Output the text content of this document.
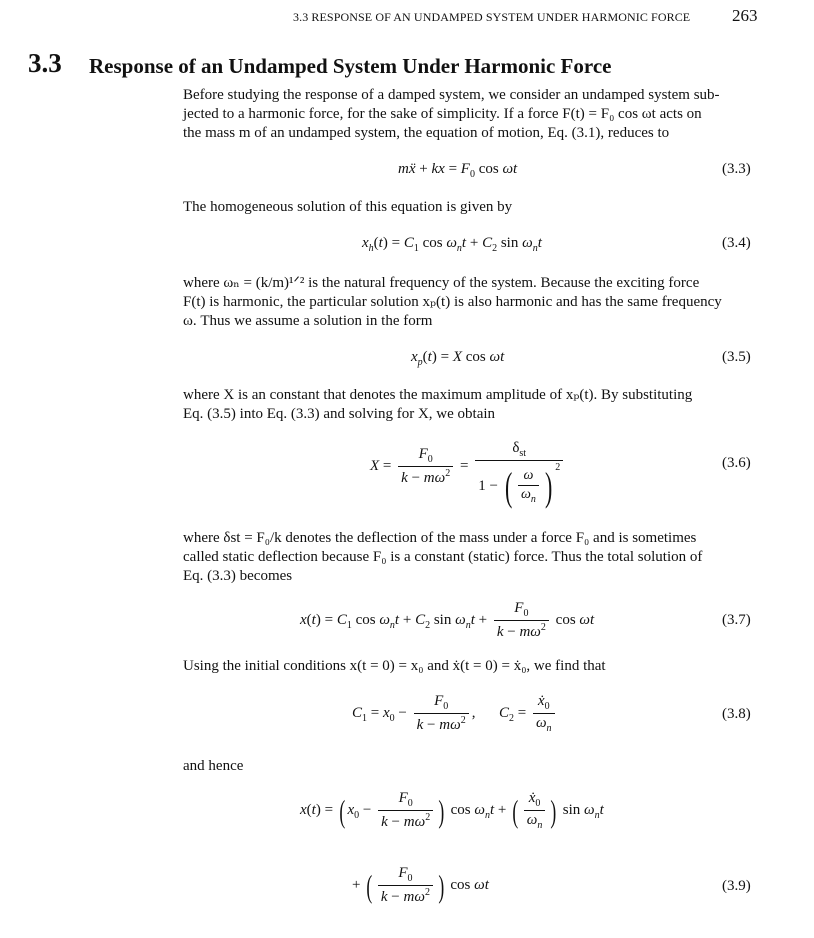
3.3 RESPONSE OF AN UNDAMPED SYSTEM UNDER HARMONIC FORCE 263
3.3 Response of an Undamped System Under Harmonic Force
Before studying the response of a damped system, we consider an undamped system sub-
jected to a harmonic force, for the sake of simplicity. If a force F(t) = F₀ cos ωt acts on
the mass m of an undamped system, the equation of motion, Eq. (3.1), reduces to
mẍ + kx = $F_0$ cos ωt	(3.3)
The homogeneous solution of this equation is given by
$x_h(t) = C_1$ $\cos \omega_nt + C_2$ $\sin \omega_nt$	(3.4)
where ωₙ = (k/m)¹ᐟ² is the natural frequency of the system. Because the exciting force
F(t) is harmonic, the particular solution xₚ(t) is also harmonic and has the same frequency
ω. Thus we assume a solution in the form
$x_p(t) = X$ cos ωt	(3.5)
where X is an constant that denotes the maximum amplitude of xₚ(t). By substituting
Eq. (3.5) into Eq. (3.3) and solving for X, we obtain
$X = \frac{F_0}{k - m\omega^2} = \frac{\delta_{st}}{1 - ( \frac{\omega}{\omega_n} ) ^2}$	(3.6)
where δst = F₀/k denotes the deflection of the mass under a force F₀ and is sometimes
called static deflection because F₀ is a constant (static) force. Thus the total solution of
Eq. (3.3) becomes
$x(t) = C_1$ $\cos \omega_nt + C_2$ $\sin \omega_nt + \frac{F_0}{k - m\omega^2}$ cos ωt	(3.7)
Using the initial conditions x(t = 0) = x₀ and ẋ(t = 0) = ẋ₀, we find that
$C_1 = x_0 - \frac{F_0}{k - m\omega^2}$ ,  $C_2 = \frac{ẋ_0}{\omega_n}$	(3.8)
and hence
x(t) = ( $x_0 - \frac{F_0}{k - m\omega^2}$ ) $\cos \omega_nt$ + ( $\frac{ẋ_0}{\omega_n}$ ) $\sin \omega_nt$
+ ( $\frac{F_0}{k - m\omega^2}$ ) cos ωt	(3.9)
